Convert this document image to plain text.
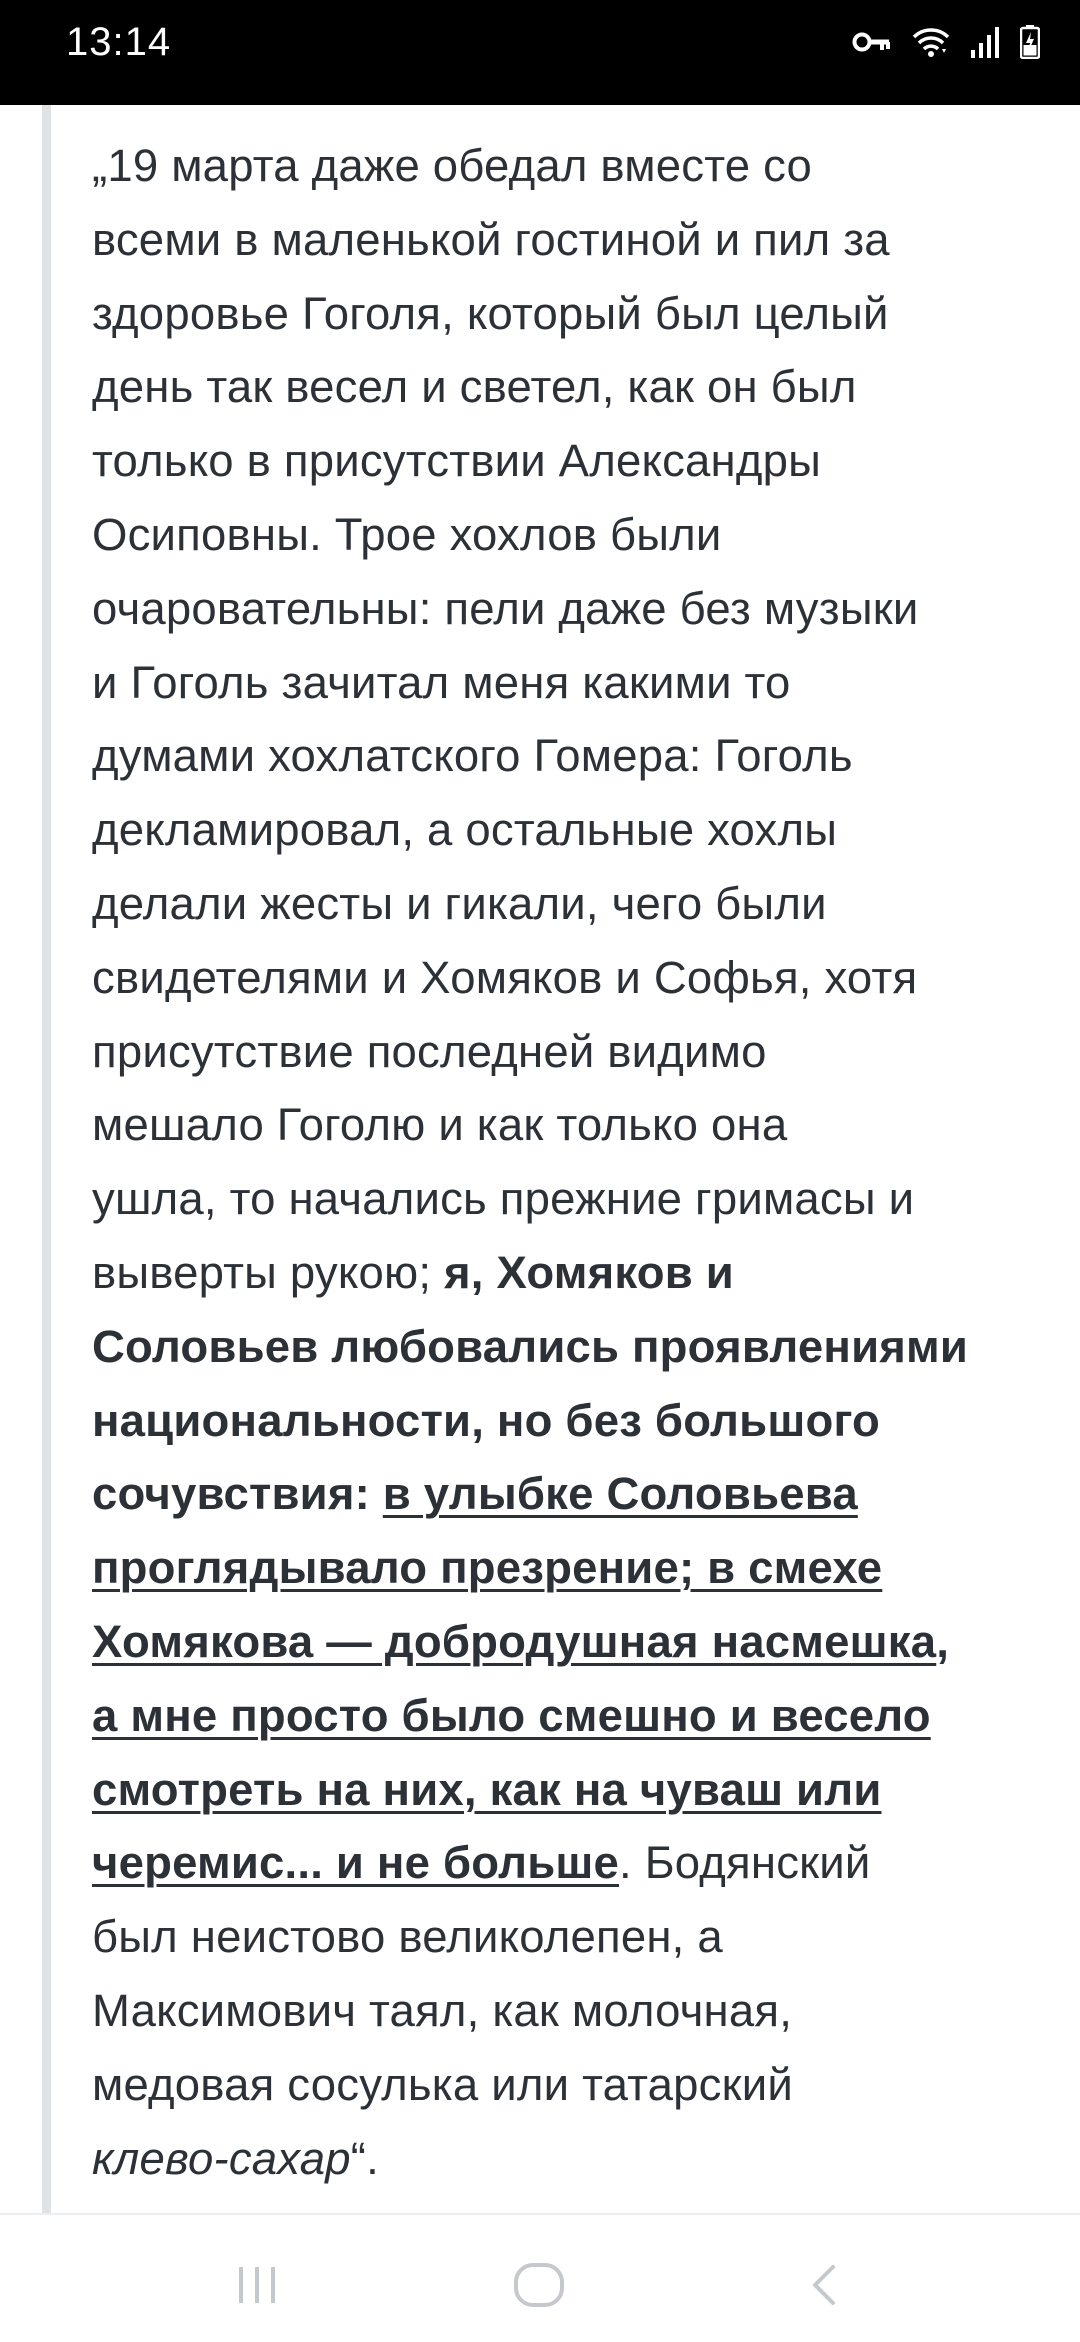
13:14
„19 марта даже обедал вместе со
всеми в маленькой гостиной и пил за
здоровье Гоголя, который был целый
день так весел и светел, как он был
только в присутствии Александры
Осиповны. Трое хохлов были
очаровательны: пели даже без музыки
и Гоголь зачитал меня какими то
думами хохлатского Гомера: Гоголь
декламировал, а остальные хохлы
делали жесты и гикали, чего были
свидетелями и Хомяков и Софья, хотя
присутствие последней видимо
мешало Гоголю и как только она
ушла, то начались прежние гримасы и
выверты рукою; я, Хомяков и
Соловьев любовались проявлениями
национальности, но без большого
сочувствия: в улыбке Соловьева
проглядывало презрение; в смехе
Хомякова — добродушная насмешка,
а мне просто было смешно и весело
смотреть на них, как на чуваш или
черемис... и не больше. Бодянский
был неистово великолепен, а
Максимович таял, как молочная,
медовая сосулька или татарский
клево-сахар“.
